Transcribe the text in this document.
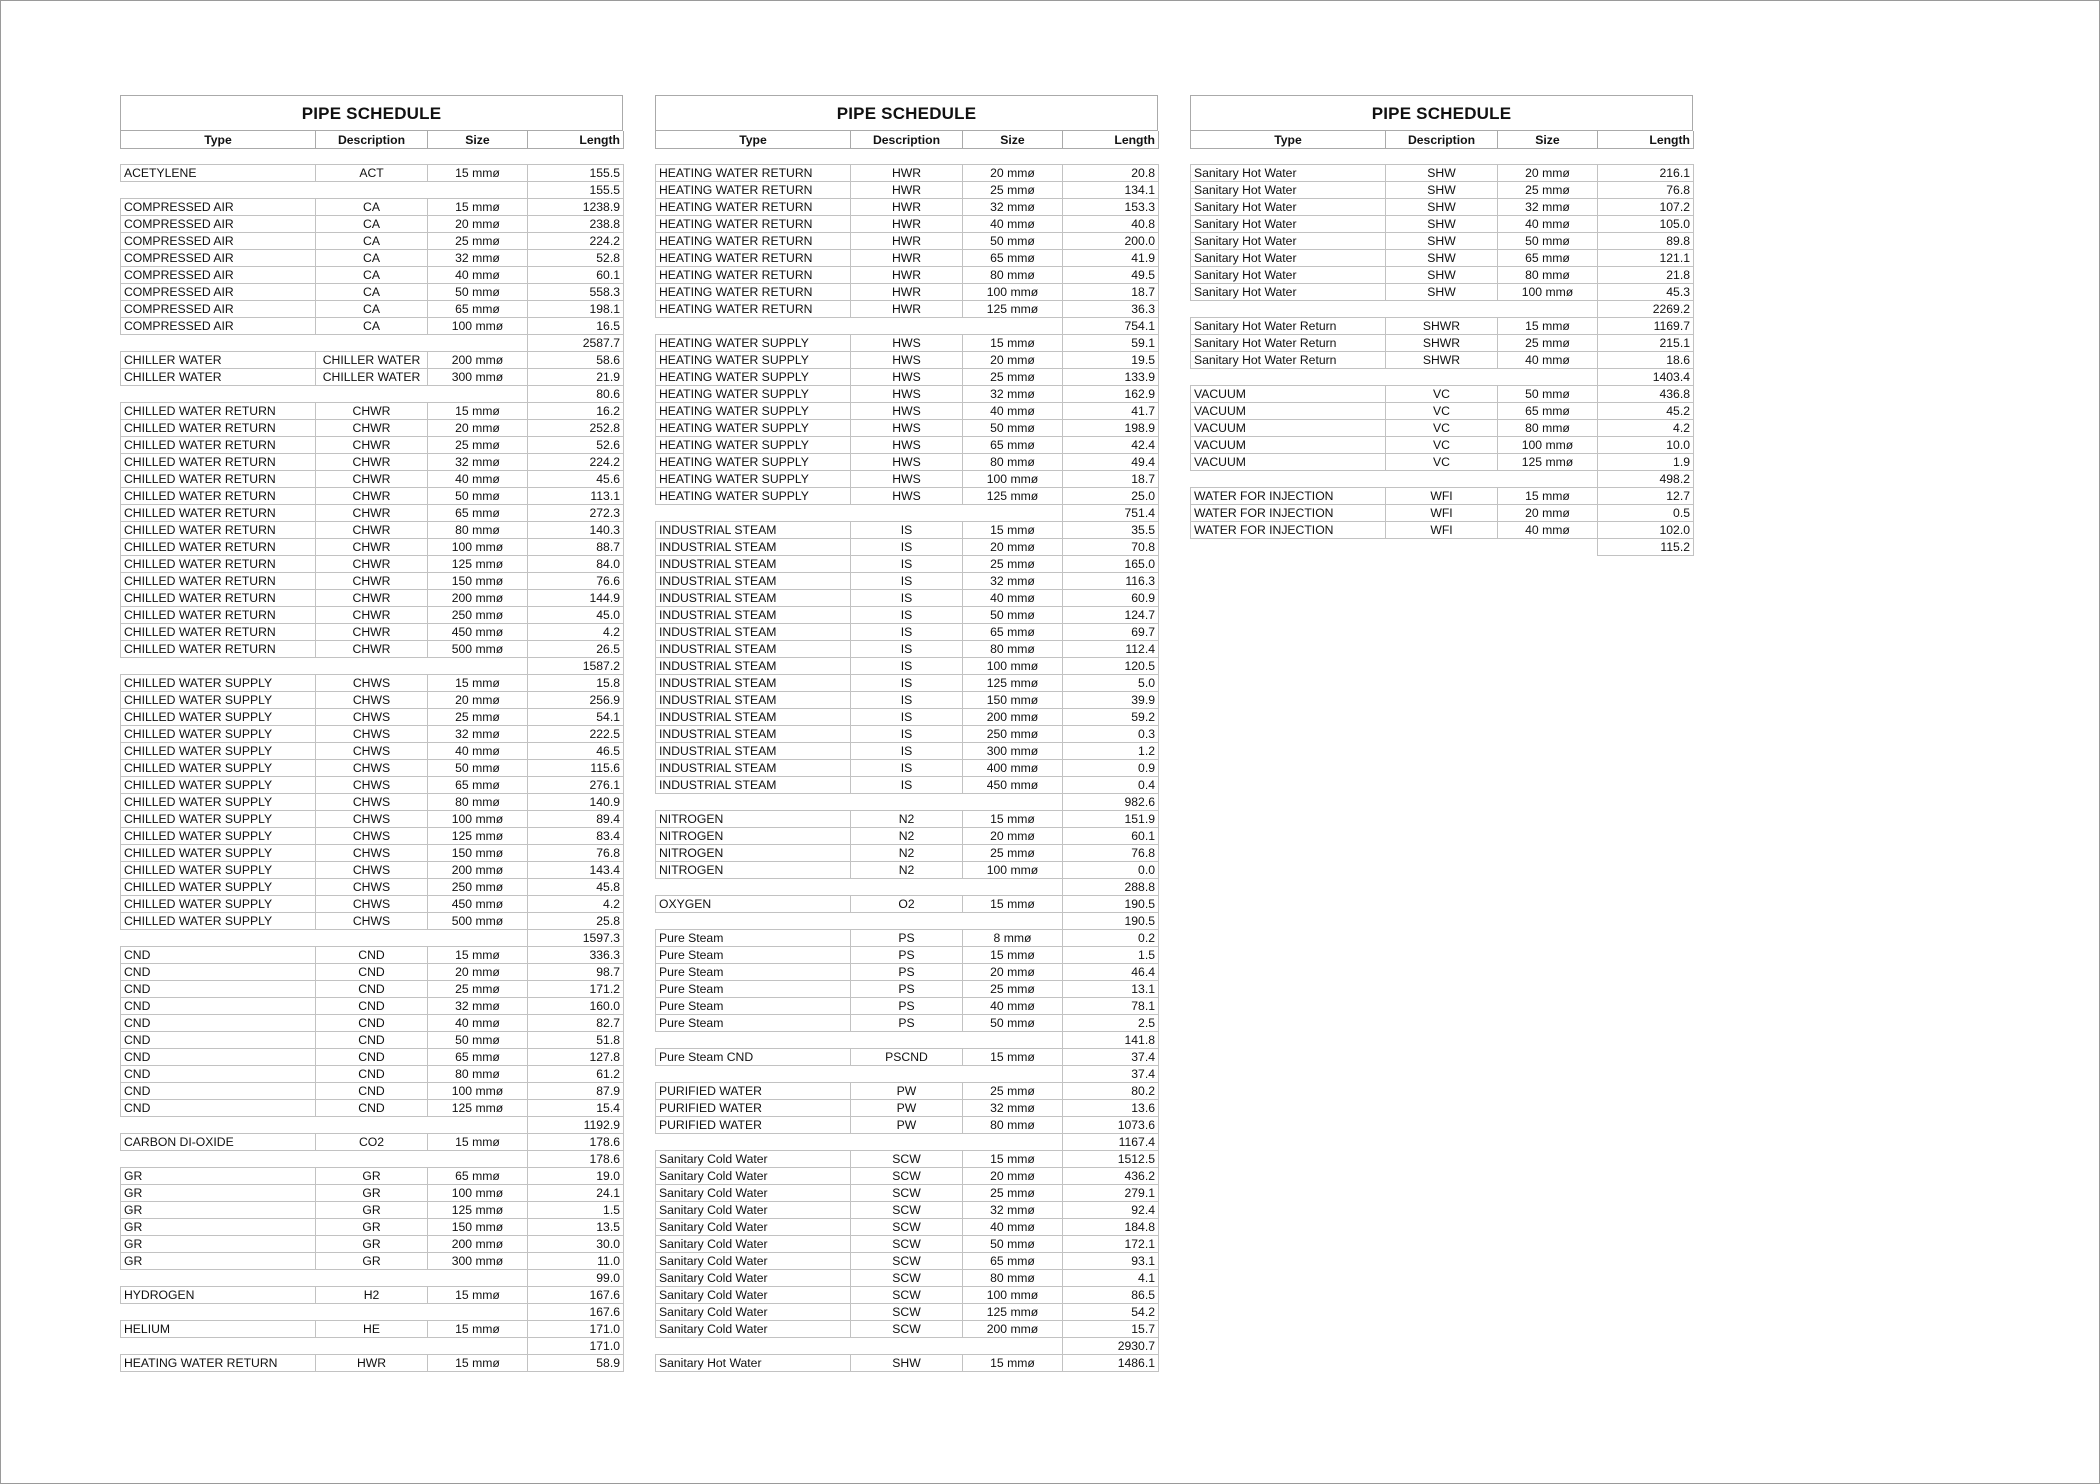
PIPE SCHEDULE
Type	Description	Size	Length

ACETYLENE	ACT	15 mmø	155.5
			155.5
COMPRESSED AIR	CA	15 mmø	1238.9
COMPRESSED AIR	CA	20 mmø	238.8
COMPRESSED AIR	CA	25 mmø	224.2
COMPRESSED AIR	CA	32 mmø	52.8
COMPRESSED AIR	CA	40 mmø	60.1
COMPRESSED AIR	CA	50 mmø	558.3
COMPRESSED AIR	CA	65 mmø	198.1
COMPRESSED AIR	CA	100 mmø	16.5
			2587.7
CHILLER WATER	CHILLER WATER	200 mmø	58.6
CHILLER WATER	CHILLER WATER	300 mmø	21.9
			80.6
CHILLED WATER RETURN	CHWR	15 mmø	16.2
CHILLED WATER RETURN	CHWR	20 mmø	252.8
CHILLED WATER RETURN	CHWR	25 mmø	52.6
CHILLED WATER RETURN	CHWR	32 mmø	224.2
CHILLED WATER RETURN	CHWR	40 mmø	45.6
CHILLED WATER RETURN	CHWR	50 mmø	113.1
CHILLED WATER RETURN	CHWR	65 mmø	272.3
CHILLED WATER RETURN	CHWR	80 mmø	140.3
CHILLED WATER RETURN	CHWR	100 mmø	88.7
CHILLED WATER RETURN	CHWR	125 mmø	84.0
CHILLED WATER RETURN	CHWR	150 mmø	76.6
CHILLED WATER RETURN	CHWR	200 mmø	144.9
CHILLED WATER RETURN	CHWR	250 mmø	45.0
CHILLED WATER RETURN	CHWR	450 mmø	4.2
CHILLED WATER RETURN	CHWR	500 mmø	26.5
			1587.2
CHILLED WATER SUPPLY	CHWS	15 mmø	15.8
CHILLED WATER SUPPLY	CHWS	20 mmø	256.9
CHILLED WATER SUPPLY	CHWS	25 mmø	54.1
CHILLED WATER SUPPLY	CHWS	32 mmø	222.5
CHILLED WATER SUPPLY	CHWS	40 mmø	46.5
CHILLED WATER SUPPLY	CHWS	50 mmø	115.6
CHILLED WATER SUPPLY	CHWS	65 mmø	276.1
CHILLED WATER SUPPLY	CHWS	80 mmø	140.9
CHILLED WATER SUPPLY	CHWS	100 mmø	89.4
CHILLED WATER SUPPLY	CHWS	125 mmø	83.4
CHILLED WATER SUPPLY	CHWS	150 mmø	76.8
CHILLED WATER SUPPLY	CHWS	200 mmø	143.4
CHILLED WATER SUPPLY	CHWS	250 mmø	45.8
CHILLED WATER SUPPLY	CHWS	450 mmø	4.2
CHILLED WATER SUPPLY	CHWS	500 mmø	25.8
			1597.3
CND	CND	15 mmø	336.3
CND	CND	20 mmø	98.7
CND	CND	25 mmø	171.2
CND	CND	32 mmø	160.0
CND	CND	40 mmø	82.7
CND	CND	50 mmø	51.8
CND	CND	65 mmø	127.8
CND	CND	80 mmø	61.2
CND	CND	100 mmø	87.9
CND	CND	125 mmø	15.4
			1192.9
CARBON DI-OXIDE	CO2	15 mmø	178.6
			178.6
GR	GR	65 mmø	19.0
GR	GR	100 mmø	24.1
GR	GR	125 mmø	1.5
GR	GR	150 mmø	13.5
GR	GR	200 mmø	30.0
GR	GR	300 mmø	11.0
			99.0
HYDROGEN	H2	15 mmø	167.6
			167.6
HELIUM	HE	15 mmø	171.0
			171.0
HEATING WATER RETURN	HWR	15 mmø	58.9
PIPE SCHEDULE
Type	Description	Size	Length

HEATING WATER RETURN	HWR	20 mmø	20.8
HEATING WATER RETURN	HWR	25 mmø	134.1
HEATING WATER RETURN	HWR	32 mmø	153.3
HEATING WATER RETURN	HWR	40 mmø	40.8
HEATING WATER RETURN	HWR	50 mmø	200.0
HEATING WATER RETURN	HWR	65 mmø	41.9
HEATING WATER RETURN	HWR	80 mmø	49.5
HEATING WATER RETURN	HWR	100 mmø	18.7
HEATING WATER RETURN	HWR	125 mmø	36.3
			754.1
HEATING WATER SUPPLY	HWS	15 mmø	59.1
HEATING WATER SUPPLY	HWS	20 mmø	19.5
HEATING WATER SUPPLY	HWS	25 mmø	133.9
HEATING WATER SUPPLY	HWS	32 mmø	162.9
HEATING WATER SUPPLY	HWS	40 mmø	41.7
HEATING WATER SUPPLY	HWS	50 mmø	198.9
HEATING WATER SUPPLY	HWS	65 mmø	42.4
HEATING WATER SUPPLY	HWS	80 mmø	49.4
HEATING WATER SUPPLY	HWS	100 mmø	18.7
HEATING WATER SUPPLY	HWS	125 mmø	25.0
			751.4
INDUSTRIAL STEAM	IS	15 mmø	35.5
INDUSTRIAL STEAM	IS	20 mmø	70.8
INDUSTRIAL STEAM	IS	25 mmø	165.0
INDUSTRIAL STEAM	IS	32 mmø	116.3
INDUSTRIAL STEAM	IS	40 mmø	60.9
INDUSTRIAL STEAM	IS	50 mmø	124.7
INDUSTRIAL STEAM	IS	65 mmø	69.7
INDUSTRIAL STEAM	IS	80 mmø	112.4
INDUSTRIAL STEAM	IS	100 mmø	120.5
INDUSTRIAL STEAM	IS	125 mmø	5.0
INDUSTRIAL STEAM	IS	150 mmø	39.9
INDUSTRIAL STEAM	IS	200 mmø	59.2
INDUSTRIAL STEAM	IS	250 mmø	0.3
INDUSTRIAL STEAM	IS	300 mmø	1.2
INDUSTRIAL STEAM	IS	400 mmø	0.9
INDUSTRIAL STEAM	IS	450 mmø	0.4
			982.6
NITROGEN	N2	15 mmø	151.9
NITROGEN	N2	20 mmø	60.1
NITROGEN	N2	25 mmø	76.8
NITROGEN	N2	100 mmø	0.0
			288.8
OXYGEN	O2	15 mmø	190.5
			190.5
Pure Steam	PS	8 mmø	0.2
Pure Steam	PS	15 mmø	1.5
Pure Steam	PS	20 mmø	46.4
Pure Steam	PS	25 mmø	13.1
Pure Steam	PS	40 mmø	78.1
Pure Steam	PS	50 mmø	2.5
			141.8
Pure Steam CND	PSCND	15 mmø	37.4
			37.4
PURIFIED WATER	PW	25 mmø	80.2
PURIFIED WATER	PW	32 mmø	13.6
PURIFIED WATER	PW	80 mmø	1073.6
			1167.4
Sanitary Cold Water	SCW	15 mmø	1512.5
Sanitary Cold Water	SCW	20 mmø	436.2
Sanitary Cold Water	SCW	25 mmø	279.1
Sanitary Cold Water	SCW	32 mmø	92.4
Sanitary Cold Water	SCW	40 mmø	184.8
Sanitary Cold Water	SCW	50 mmø	172.1
Sanitary Cold Water	SCW	65 mmø	93.1
Sanitary Cold Water	SCW	80 mmø	4.1
Sanitary Cold Water	SCW	100 mmø	86.5
Sanitary Cold Water	SCW	125 mmø	54.2
Sanitary Cold Water	SCW	200 mmø	15.7
			2930.7
Sanitary Hot Water	SHW	15 mmø	1486.1
PIPE SCHEDULE
Type	Description	Size	Length

Sanitary Hot Water	SHW	20 mmø	216.1
Sanitary Hot Water	SHW	25 mmø	76.8
Sanitary Hot Water	SHW	32 mmø	107.2
Sanitary Hot Water	SHW	40 mmø	105.0
Sanitary Hot Water	SHW	50 mmø	89.8
Sanitary Hot Water	SHW	65 mmø	121.1
Sanitary Hot Water	SHW	80 mmø	21.8
Sanitary Hot Water	SHW	100 mmø	45.3
			2269.2
Sanitary Hot Water Return	SHWR	15 mmø	1169.7
Sanitary Hot Water Return	SHWR	25 mmø	215.1
Sanitary Hot Water Return	SHWR	40 mmø	18.6
			1403.4
VACUUM	VC	50 mmø	436.8
VACUUM	VC	65 mmø	45.2
VACUUM	VC	80 mmø	4.2
VACUUM	VC	100 mmø	10.0
VACUUM	VC	125 mmø	1.9
			498.2
WATER FOR INJECTION	WFI	15 mmø	12.7
WATER FOR INJECTION	WFI	20 mmø	0.5
WATER FOR INJECTION	WFI	40 mmø	102.0
			115.2
